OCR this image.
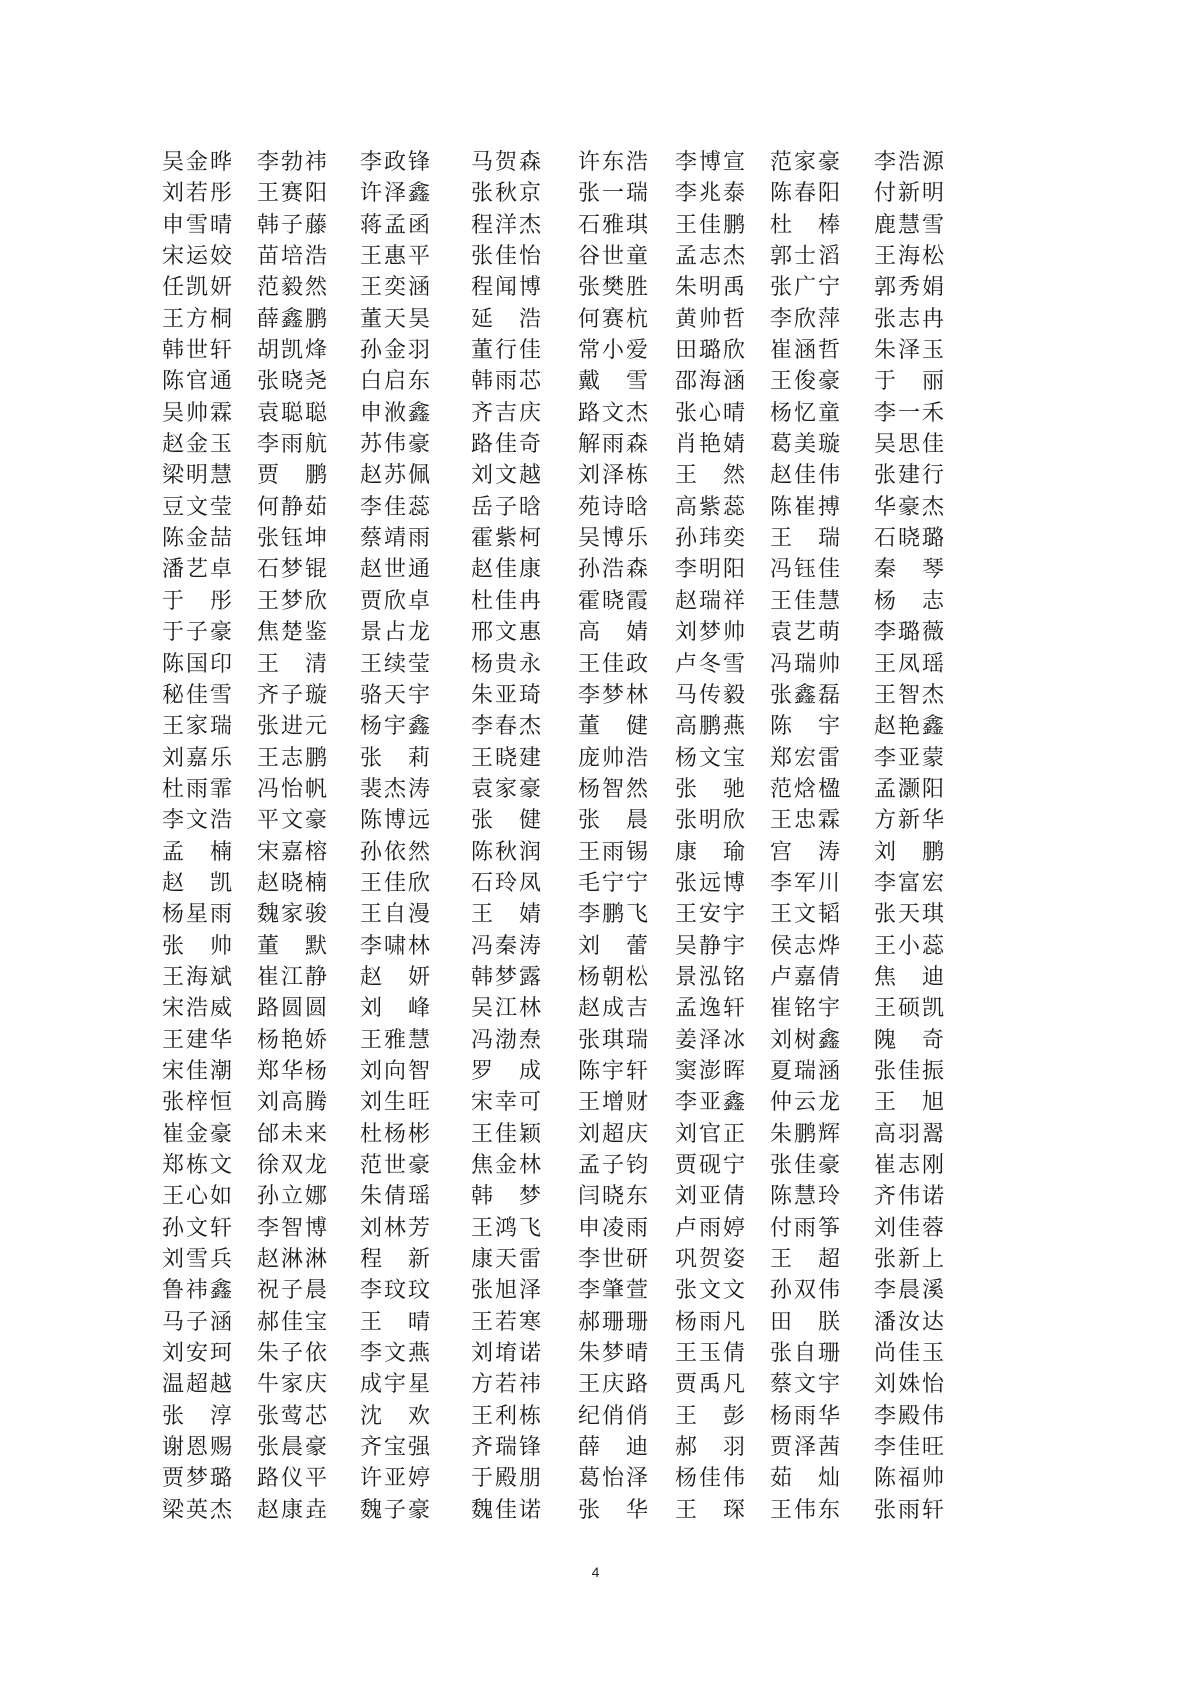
吴金晔 李勃祎 李政锋 马贺森 许东浩 李博宣 范家豪 李浩源
刘若彤 王赛阳 许泽鑫 张秋京 张一瑞 李兆泰 陈春阳 付新明
申雪晴 韩子藤 蒋孟函 程洋杰 石雅琪 王佳鹏 杜 棒 鹿慧雪
宋运姣 苗培浩 王惠平 张佳怡 谷世童 孟志杰 郭士滔 王海松
任凯妍 范毅然 王奕涵 程闻博 张樊胜 朱明禹 张广宁 郭秀娟
王方桐 薛鑫鹏 董天昊 延 浩 何赛杭 黄帅哲 李欣萍 张志冉
韩世轩 胡凯烽 孙金羽 董行佳 常小爱 田璐欣 崔涵哲 朱泽玉
陈官通 张晓尧 白启东 韩雨芯 戴 雪 邵海涵 王俊豪 于 丽
吴帅霖 袁聪聪 申浟鑫 齐吉庆 路文杰 张心晴 杨忆童 李一禾
赵金玉 李雨航 苏伟豪 路佳奇 解雨森 肖艳婧 葛美璇 吴思佳
梁明慧 贾 鹏 赵苏佩 刘文越 刘泽栋 王 然 赵佳伟 张建行
豆文莹 何静茹 李佳蕊 岳子晗 苑诗晗 高紫蕊 陈崔搏 华豪杰
陈金喆 张钰坤 蔡靖雨 霍紫柯 吴博乐 孙玮奕 王 瑞 石晓璐
潘艺卓 石梦锟 赵世通 赵佳康 孙浩森 李明阳 冯钰佳 秦 琴
于 彤 王梦欣 贾欣卓 杜佳冉 霍晓霞 赵瑞祥 王佳慧 杨 志
于子豪 焦楚鉴 景占龙 邢文惠 高 婧 刘梦帅 袁艺萌 李璐薇
陈国印 王 清 王续莹 杨贵永 王佳政 卢冬雪 冯瑞帅 王凤瑶
秘佳雪 齐子璇 骆天宇 朱亚琦 李梦林 马传毅 张鑫磊 王智杰
王家瑞 张进元 杨宇鑫 李春杰 董 健 高鹏燕 陈 宇 赵艳鑫
刘嘉乐 王志鹏 张 莉 王晓建 庞帅浩 杨文宝 郑宏雷 李亚蒙
杜雨霏 冯怡帆 裴杰涛 袁家豪 杨智然 张 驰 范焓楹 孟灏阳
李文浩 平文豪 陈博远 张 健 张 晨 张明欣 王忠霖 方新华
孟 楠 宋嘉榕 孙依然 陈秋润 王雨锡 康 瑜 宫 涛 刘 鹏
赵 凯 赵晓楠 王佳欣 石玲凤 毛宁宁 张远博 李军川 李富宏
杨星雨 魏家骏 王自漫 王 婧 李鹏飞 王安宇 王文韬 张天琪
张 帅 董 默 李啸林 冯秦涛 刘 蕾 吴静宇 侯志烨 王小蕊
王海斌 崔江静 赵 妍 韩梦露 杨朝松 景泓铭 卢嘉倩 焦 迪
宋浩威 路圆圆 刘 峰 吴江林 赵成吉 孟逸轩 崔铭宇 王硕凯
王建华 杨艳娇 王雅慧 冯渤焘 张琪瑞 姜泽冰 刘树鑫 隗 奇
宋佳潮 郑华杨 刘向智 罗 成 陈宇轩 窦澎晖 夏瑞涵 张佳振
张梓恒 刘高腾 刘生旺 宋幸可 王增财 李亚鑫 仲云龙 王 旭
崔金豪 邰未来 杜杨彬 王佳颖 刘超庆 刘官正 朱鹏辉 高羽翯
郑栋文 徐双龙 范世豪 焦金林 孟子钧 贾砚宁 张佳豪 崔志刚
王心如 孙立娜 朱倩瑶 韩 梦 闫晓东 刘亚倩 陈慧玲 齐伟诺
孙文轩 李智博 刘林芳 王鸿飞 申凌雨 卢雨婷 付雨筝 刘佳蓉
刘雪兵 赵淋淋 程 新 康天雷 李世研 巩贺姿 王 超 张新上
鲁祎鑫 祝子晨 李玟玟 张旭泽 李肇萱 张文文 孙双伟 李晨溪
马子涵 郝佳宝 王 晴 王若寒 郝珊珊 杨雨凡 田 朕 潘汝达
刘安珂 朱子依 李文燕 刘堉诺 朱梦晴 王玉倩 张自珊 尚佳玉
温超越 牛家庆 成宇星 方若祎 王庆路 贾禹凡 蔡文宇 刘姝怡
张 淳 张莺芯 沈 欢 王利栋 纪俏俏 王 彭 杨雨华 李殿伟
谢恩赐 张晨豪 齐宝强 齐瑞锋 薛 迪 郝 羽 贾泽茜 李佳旺
贾梦璐 路仪平 许亚婷 于殿朋 葛怡泽 杨佳伟 茹 灿 陈福帅
梁英杰 赵康垚 魏子豪 魏佳诺 张 华 王 琛 王伟东 张雨轩
4
